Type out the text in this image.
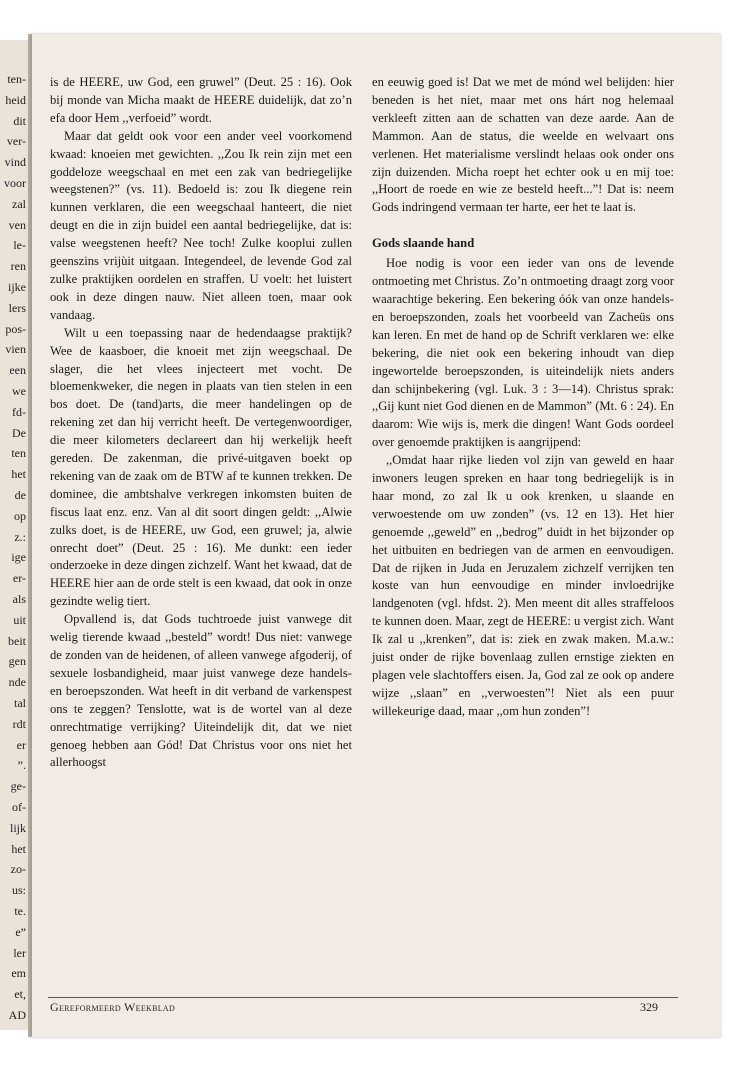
ten-
heid
dit
ver-
vind
voor
zal
ven
le-
ren
ijke
lers
pos-
vien
een
we
fd-
De
ten
het
de
op
z.:
ige
er-
als
uit
beit
gen
nde
tal
rdt
er
”.
ge-
of-
lijk
het
zo-
us:
te.
e”
ler
em
et,
AD

is de HEERE, uw God, een gruwel” (Deut. 25 : 16). Ook bij monde van Micha maakt de HEERE duidelijk, dat zo’n efa door Hem ,,verfoeid” wordt.

Maar dat geldt ook voor een ander veel voorkomend kwaad: knoeien met gewichten. ,,Zou Ik rein zijn met een goddeloze weegschaal en met een zak van bedriegelijke weegstenen?” (vs. 11). Bedoeld is: zou Ik diegene rein kunnen verklaren, die een weegschaal hanteert, die niet deugt en die in zijn buidel een aantal bedriegelijke, dat is: valse weegstenen heeft? Nee toch! Zulke kooplui zullen geenszins vrijùit uitgaan. Integendeel, de levende God zal zulke praktijken oordelen en straffen. U voelt: het luistert ook in deze dingen nauw. Niet alleen toen, maar ook vandaag.

Wilt u een toepassing naar de hedendaagse praktijk? Wee de kaasboer, die knoeit met zijn weegschaal. De slager, die het vlees injecteert met vocht. De bloemenkweker, die negen in plaats van tien stelen in een bos doet. De (tand)arts, die meer handelingen op de rekening zet dan hij verricht heeft. De vertegenwoordiger, die meer kilometers declareert dan hij werkelijk heeft gereden. De zakenman, die privé-uitgaven boekt op rekening van de zaak om de BTW af te kunnen trekken. De dominee, die ambtshalve verkregen inkomsten buiten de fiscus laat enz. enz. Van al dit soort dingen geldt: ,,Alwie zulks doet, is de HEERE, uw God, een gruwel; ja, alwie onrecht doet” (Deut. 25 : 16). Me dunkt: een ieder onderzoeke in deze dingen zichzelf. Want het kwaad, dat de HEERE hier aan de orde stelt is een kwaad, dat ook in onze gezindte welig tiert.

Opvallend is, dat Gods tuchtroede juist vanwege dit welig tierende kwaad ,,besteld” wordt! Dus niet: vanwege de zonden van de heidenen, of alleen vanwege afgoderij, of sexuele losbandigheid, maar juist vanwege deze handels- en beroepszonden. Wat heeft in dit verband de varkenspest ons te zeggen? Tenslotte, wat is de wortel van al deze onrechtmatige verrijking? Uiteindelijk dit, dat we niet genoeg hebben aan Gód! Dat Christus voor ons niet het allerhoogst

en eeuwig goed is! Dat we met de mónd wel belijden: hier beneden is het niet, maar met ons hárt nog helemaal verkleeft zitten aan de schatten van deze aarde. Aan de Mammon. Aan de status, die weelde en welvaart ons verlenen. Het materialisme verslindt helaas ook onder ons zijn duizenden. Micha roept het echter ook u en mij toe: ,,Hoort de roede en wie ze besteld heeft...”! Dat is: neem Gods indringend vermaan ter harte, eer het te laat is.

Gods slaande hand

Hoe nodig is voor een ieder van ons de levende ontmoeting met Christus. Zo’n ontmoeting draagt zorg voor waarachtige bekering. Een bekering óók van onze handels- en beroepszonden, zoals het voorbeeld van Zacheüs ons kan leren. En met de hand op de Schrift verklaren we: elke bekering, die niet ook een bekering inhoudt van diep ingewortelde beroepszonden, is uiteindelijk niets anders dan schijnbekering (vgl. Luk. 3 : 3—14). Christus sprak: ,,Gij kunt niet God dienen en de Mammon” (Mt. 6 : 24). En daarom: Wie wijs is, merk die dingen! Want Gods oordeel over genoemde praktijken is aangrijpend:

,,Omdat haar rijke lieden vol zijn van geweld en haar inwoners leugen spreken en haar tong bedriegelijk is in haar mond, zo zal Ik u ook krenken, u slaande en verwoestende om uw zonden” (vs. 12 en 13). Het hier genoemde ,,geweld” en ,,bedrog” duidt in het bijzonder op het uitbuiten en bedriegen van de armen en eenvoudigen. Dat de rijken in Juda en Jeruzalem zichzelf verrijken ten koste van hun eenvoudige en minder invloedrijke landgenoten (vgl. hfdst. 2). Men meent dit alles straffeloos te kunnen doen. Maar, zegt de HEERE: u vergist zich. Want Ik zal u ,,krenken”, dat is: ziek en zwak maken. M.a.w.: juist onder de rijke bovenlaag zullen ernstige ziekten en plagen vele slachtoffers eisen. Ja, God zal ze ook op andere wijze ,,slaan” en ,,verwoesten”! Niet als een puur willekeurige daad, maar ,,om hun zonden”!

Gereformeerd Weekblad	329
